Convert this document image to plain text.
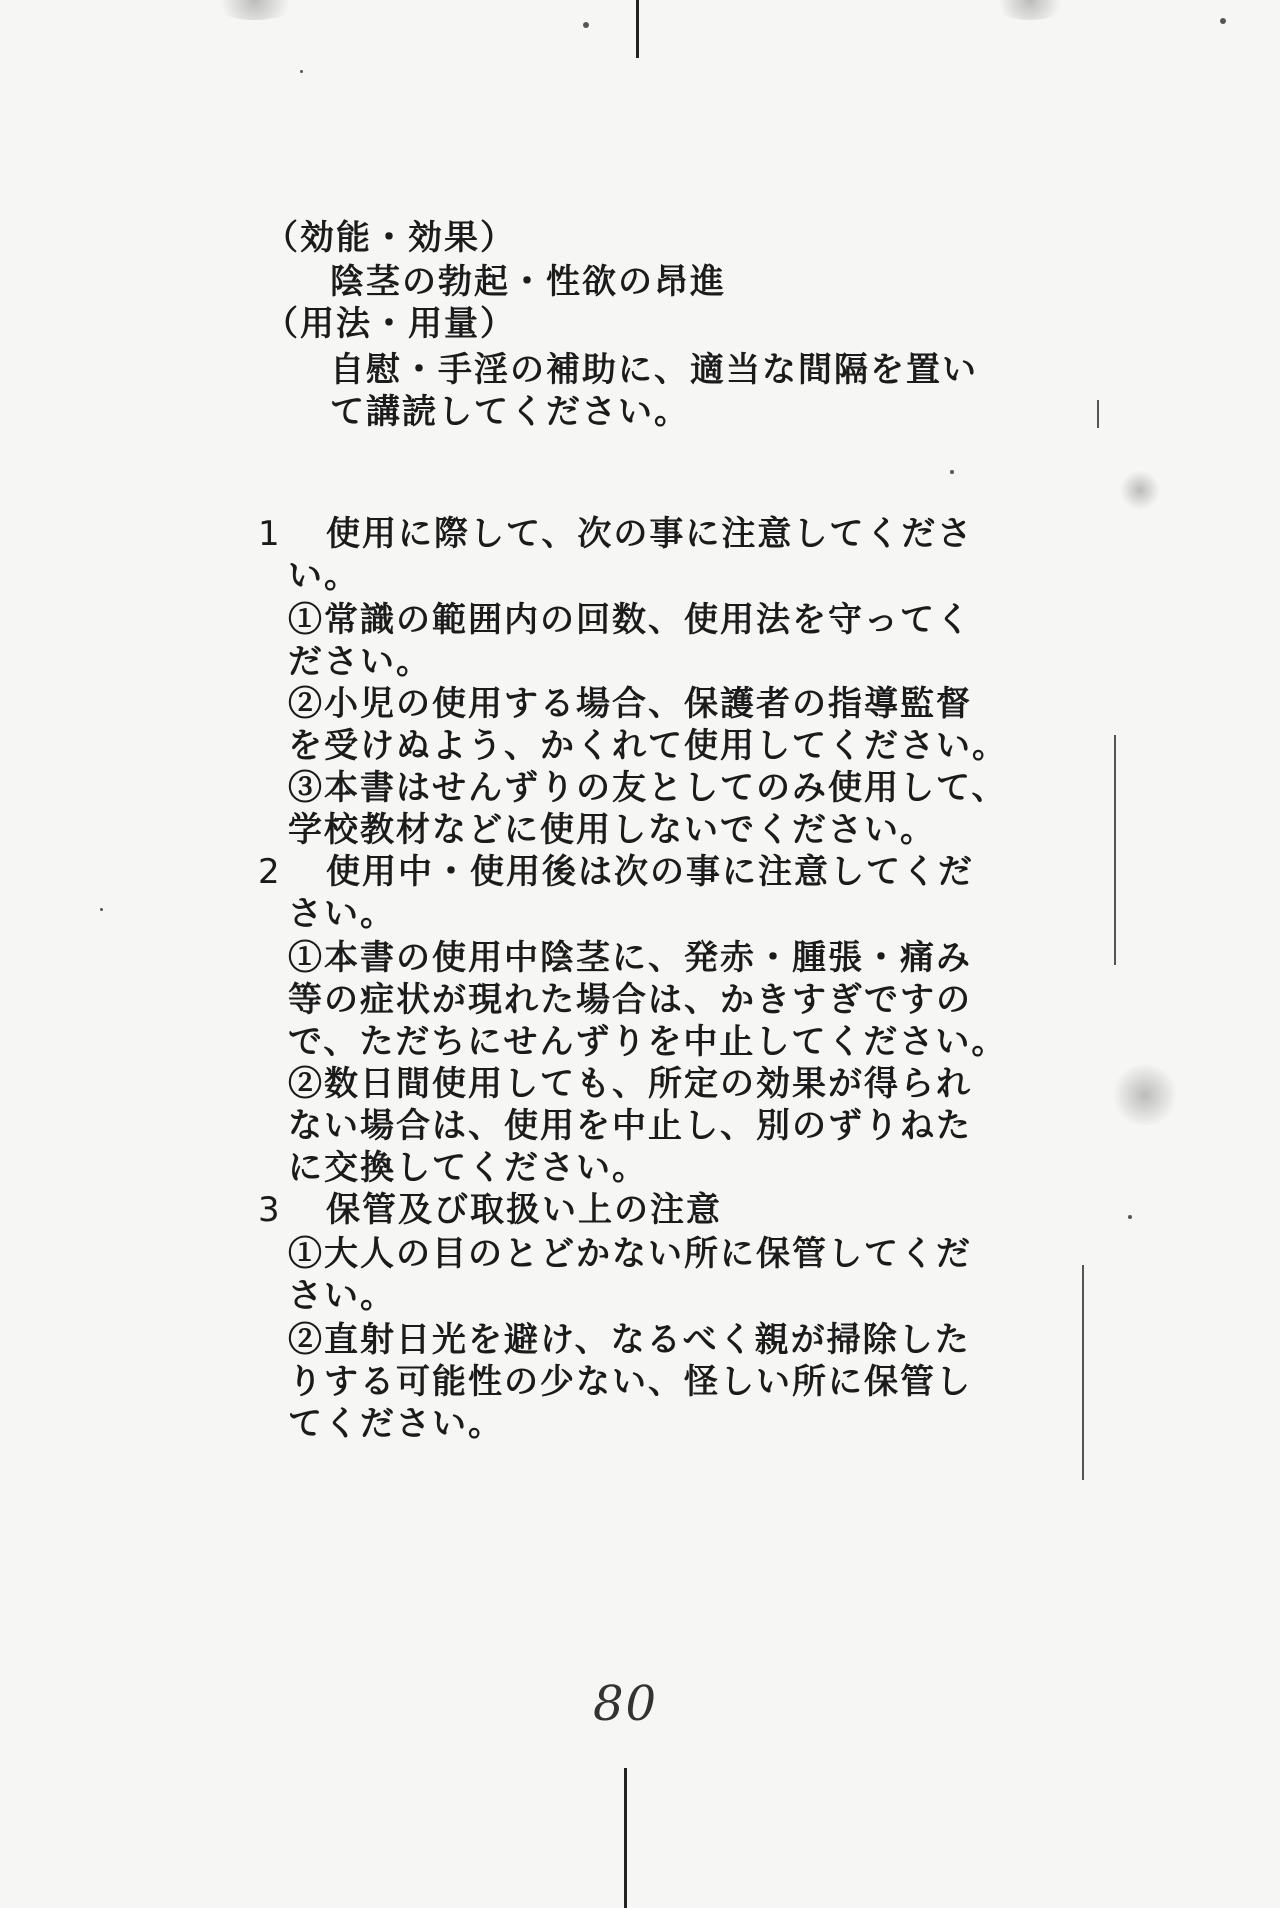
（効能・効果）
陰茎の勃起・性欲の昂進
（用法・用量）
自慰・手淫の補助に、適当な間隔を置い
て講読してください。
1 使用に際して、次の事に注意してくださ
い。
①常識の範囲内の回数、使用法を守ってく
ださい。
②小児の使用する場合、保護者の指導監督
を受けぬよう、かくれて使用してください。
③本書はせんずりの友としてのみ使用して、
学校教材などに使用しないでください。
2 使用中・使用後は次の事に注意してくだ
さい。
①本書の使用中陰茎に、発赤・腫張・痛み
等の症状が現れた場合は、かきすぎですの
で、ただちにせんずりを中止してください。
②数日間使用しても、所定の効果が得られ
ない場合は、使用を中止し、別のずりねた
に交換してください。
3 保管及び取扱い上の注意
①大人の目のとどかない所に保管してくだ
さい。
②直射日光を避け、なるべく親が掃除した
りする可能性の少ない、怪しい所に保管し
てください。
80
